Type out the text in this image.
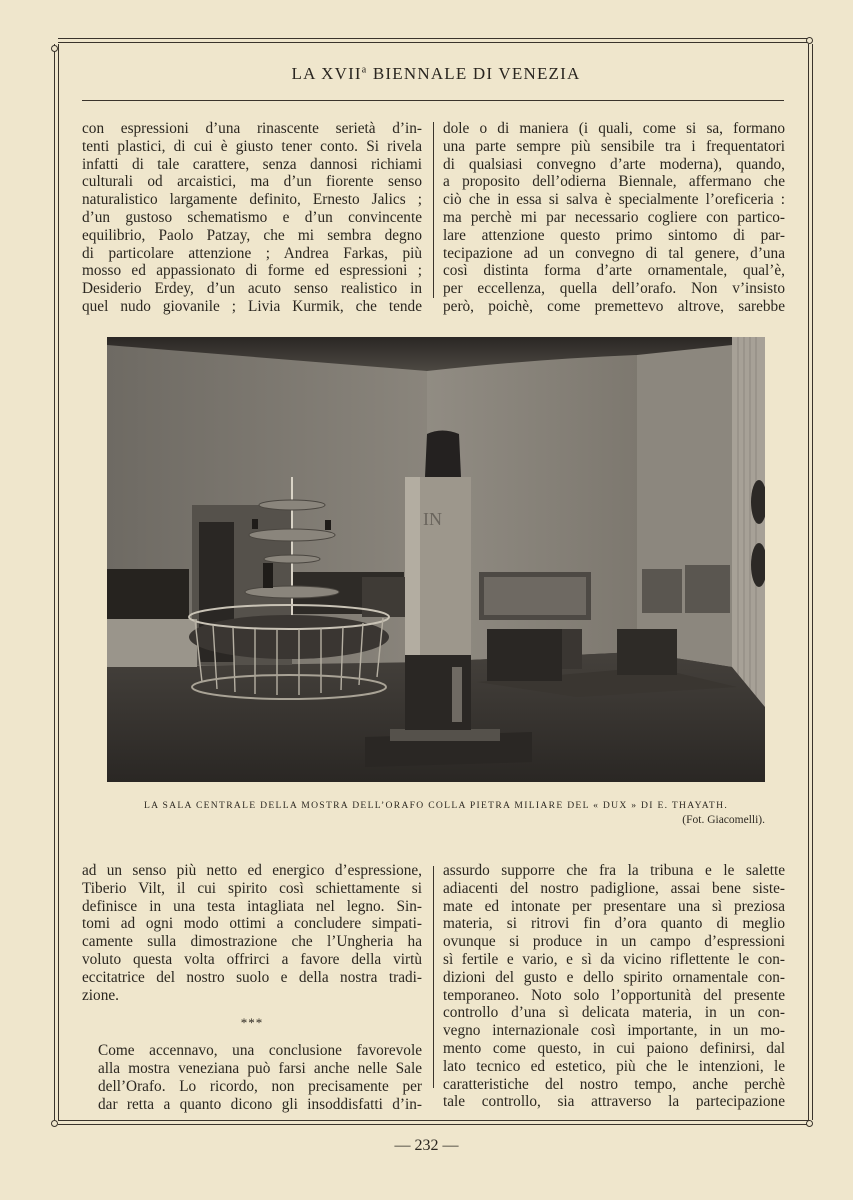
LA XVII$^a$ BIENNALE DI VENEZIA

con espressioni d’una rinascente serietà d’in-
tenti plastici, di cui è giusto tener conto. Si rivela
infatti di tale carattere, senza dannosi richiami
culturali od arcaistici, ma d’un fiorente senso
naturalistico largamente definito, Ernesto Jalics ;
d’un gustoso schematismo e d’un convincente
equilibrio, Paolo Patzay, che mi sembra degno
di particolare attenzione ; Andrea Farkas, più
mosso ed appassionato di forme ed espressioni ;
Desiderio Erdey, d’un acuto senso realistico in
quel nudo giovanile ; Livia Kurmik, che tende

dole o di maniera (i quali, come si sa, formano
una parte sempre più sensibile tra i frequentatori
di qualsiasi convegno d’arte moderna), quando,
a proposito dell’odierna Biennale, affermano che
ciò che in essa si salva è specialmente l’oreficeria :
ma perchè mi par necessario cogliere con partico-
lare attenzione questo primo sintomo di par-
tecipazione ad un convegno di tal genere, d’una
così distinta forma d’arte ornamentale, qual’è,
per eccellenza, quella dell’orafo. Non v’insisto
però, poichè, come premettevo altrove, sarebbe

IN
LA SALA CENTRALE DELLA MOSTRA DELL’ORAFO COLLA PIETRA MILIARE DEL « DUX » DI E. THAYATH.
(Fot. Giacomelli).

ad un senso più netto ed energico d’espressione,
Tiberio Vilt, il cui spirito così schiettamente si
definisce in una testa intagliata nel legno. Sin-
tomi ad ogni modo ottimi a concludere simpati-
camente sulla dimostrazione che l’Ungheria ha
voluto questa volta offrirci a favore della virtù
eccitatrice del nostro suolo e della nostra tradi-
zione.

***

Come accennavo, una conclusione favorevole
alla mostra veneziana può farsi anche nelle Sale
dell’Orafo. Lo ricordo, non precisamente per
dar retta a quanto dicono gli insoddisfatti d’in-

assurdo supporre che fra la tribuna e le salette
adiacenti del nostro padiglione, assai bene siste-
mate ed intonate per presentare una sì preziosa
materia, si ritrovi fin d’ora quanto di meglio
ovunque si produce in un campo d’espressioni
sì fertile e vario, e sì da vicino riflettente le con-
dizioni del gusto e dello spirito ornamentale con-
temporaneo. Noto solo l’opportunità del presente
controllo d’una sì delicata materia, in un con-
vegno internazionale così importante, in un mo-
mento come questo, in cui paiono definirsi, dal
lato tecnico ed estetico, più che le intenzioni, le
caratteristiche del nostro tempo, anche perchè
tale controllo, sia attraverso la partecipazione

— 232 —
